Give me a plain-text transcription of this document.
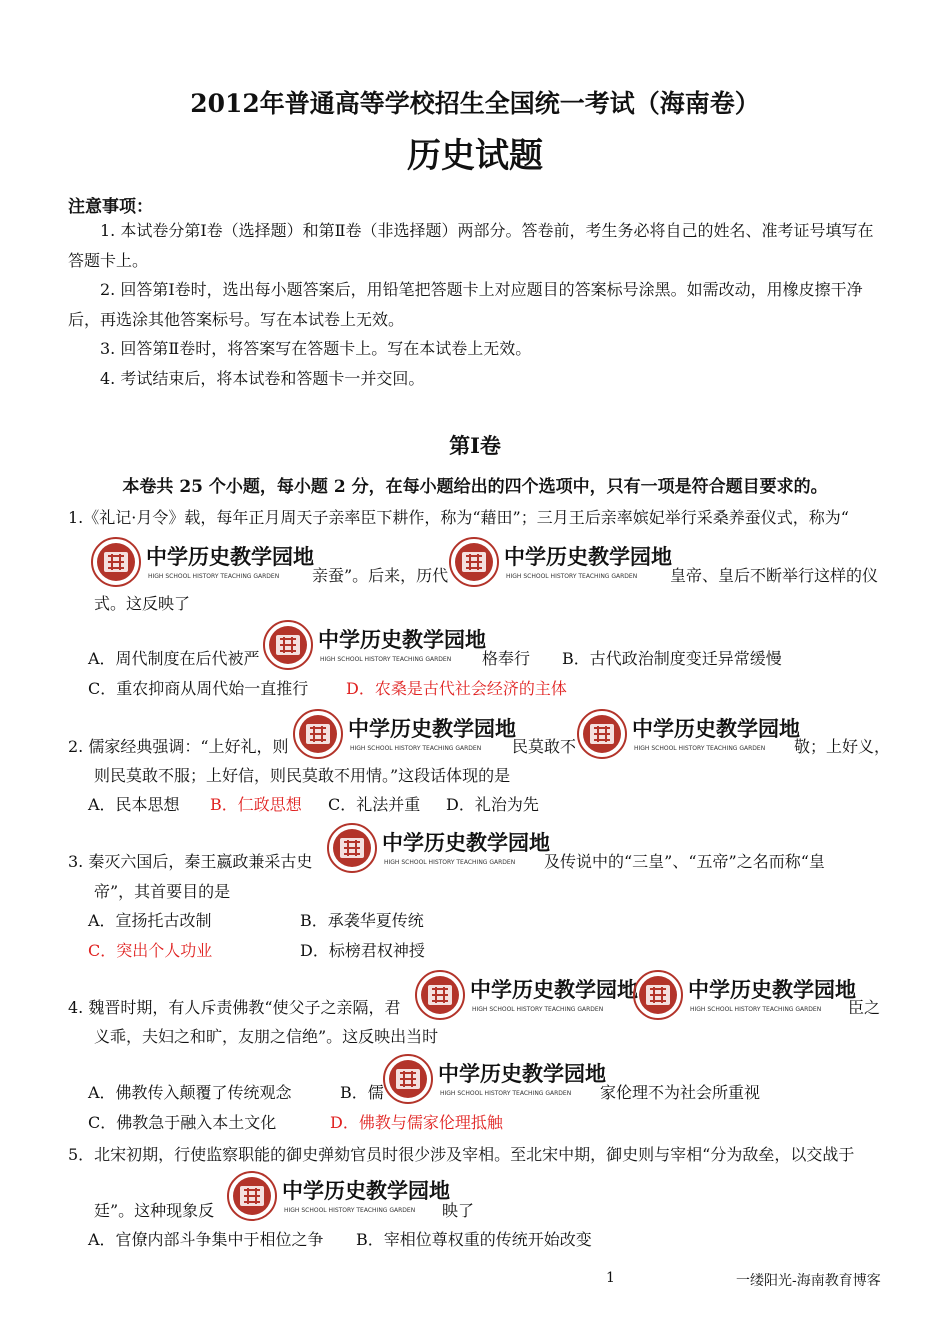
2012年普通高等学校招生全国统一考试（海南卷）
历史试题
注意事项：
1. 本试卷分第Ⅰ卷（选择题）和第Ⅱ卷（非选择题）两部分。答卷前，考生务必将自己的姓名、准考证号填写在
答题卡上。
2. 回答第Ⅰ卷时，选出每小题答案后，用铅笔把答题卡上对应题目的答案标号涂黑。如需改动，用橡皮擦干净
后，再选涂其他答案标号。写在本试卷上无效。
3. 回答第Ⅱ卷时，将答案写在答题卡上。写在本试卷上无效。
4. 考试结束后，将本试卷和答题卡一并交回。
第Ⅰ卷
本卷共 25 个小题，每小题 2 分，在每小题给出的四个选项中，只有一项是符合题目要求的。
1.《礼记·月令》载，每年正月周天子亲率臣下耕作，称为“藉田”；三月王后亲率嫔妃举行采桑养蚕仪式，称为“
亲蚕”。后来，历代	皇帝、皇后不断举行这样的仪
式。这反映了
A．周代制度在后代被严	格奉行 B．古代政治制度变迁异常缓慢
C．重农抑商从周代始一直推行 D．农桑是古代社会经济的主体
2. 儒家经典强调：“上好礼，则	民莫敢不	敬；上好义，
则民莫敢不服；上好信，则民莫敢不用情。”这段话体现的是
A．民本思想 B．仁政思想 C．礼法并重 D．礼治为先
3. 秦灭六国后，秦王嬴政兼采古史	及传说中的“三皇”、“五帝”之名而称“皇
帝”，其首要目的是
A．宣扬托古改制	B．承袭华夏传统
C．突出个人功业	D．标榜君权神授
4. 魏晋时期，有人斥责佛教“使父子之亲隔，君	臣之
义乖，夫妇之和旷，友朋之信绝”。这反映出当时
A．佛教传入颠覆了传统观念	B．儒	家伦理不为社会所重视
C．佛教急于融入本土文化	D．佛教与儒家伦理抵触
5．北宋初期，行使监察职能的御史弹劾官员时很少涉及宰相。至北宋中期，御史则与宰相“分为敌垒，以交战于
廷”。这种现象反	映了
A．官僚内部斗争集中于相位之争 B．宰相位尊权重的传统开始改变
1	一缕阳光-海南教育博客
中学历史教学园地
HIGH SCHOOL HISTORY TEACHING GARDEN
中学历史教学园地
HIGH SCHOOL HISTORY TEACHING GARDEN
中学历史教学园地
HIGH SCHOOL HISTORY TEACHING GARDEN
中学历史教学园地
HIGH SCHOOL HISTORY TEACHING GARDEN
中学历史教学园地
HIGH SCHOOL HISTORY TEACHING GARDEN
中学历史教学园地
HIGH SCHOOL HISTORY TEACHING GARDEN
中学历史教学园地
HIGH SCHOOL HISTORY TEACHING GARDEN
中学历史教学园地
HIGH SCHOOL HISTORY TEACHING GARDEN
中学历史教学园地
HIGH SCHOOL HISTORY TEACHING GARDEN
中学历史教学园地
HIGH SCHOOL HISTORY TEACHING GARDEN
